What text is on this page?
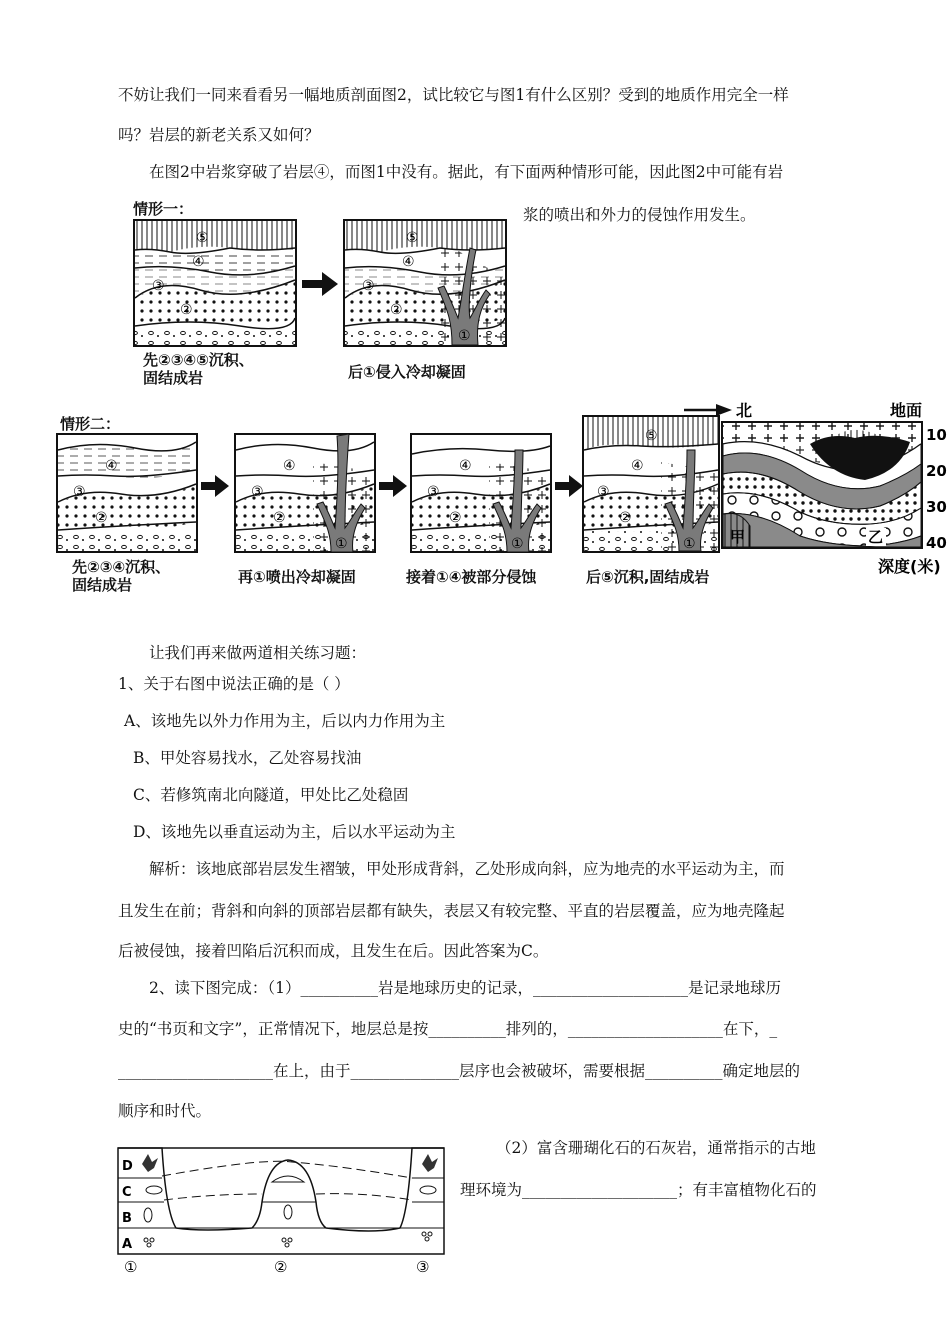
不妨让我们一同来看看另一幅地质剖面图2，试比较它与图1有什么区别？受到的地质作用完全一样
吗？岩层的新老关系又如何？
在图2中岩浆穿破了岩层④，而图1中没有。据此，有下面两种情形可能，因此图2中可能有岩
浆的喷出和外力的侵蚀作用发生。
情形一：
⑤
④
③
②
⑤
④
③
②
①
先②③④⑤沉积、
固结成岩	后①侵入冷却凝固
情形二：
④
③
②
④
③
②
①
④
③
②
①
⑤
④
③
②
①
先②③④沉积、
固结成岩	再①喷出冷却凝固	接着①④被部分侵蚀	后⑤沉积,固结成岩
北	地面
甲	乙
10
20
30
40
深度(米)
让我们再来做两道相关练习题：
1、关于右图中说法正确的是（ ）
A、该地先以外力作用为主，后以内力作用为主
B、甲处容易找水，乙处容易找油
C、若修筑南北向隧道，甲处比乙处稳固
D、该地先以垂直运动为主，后以水平运动为主
解析：该地底部岩层发生褶皱，甲处形成背斜，乙处形成向斜，应为地壳的水平运动为主，而
且发生在前；背斜和向斜的顶部岩层都有缺失，表层又有较完整、平直的岩层覆盖，应为地壳隆起
后被侵蚀，接着凹陷后沉积而成，且发生在后。因此答案为C。
2、读下图完成：（1）__________岩是地球历史的记录，____________________是记录地球历
史的“书页和文字”，正常情况下，地层总是按__________排列的，____________________在下，_
____________________在上，由于______________层序也会被破坏，需要根据__________确定地层的
顺序和时代。
（2）富含珊瑚化石的石灰岩，通常指示的古地
理环境为____________________；有丰富植物化石的
D
C
B
A
①	②	③
